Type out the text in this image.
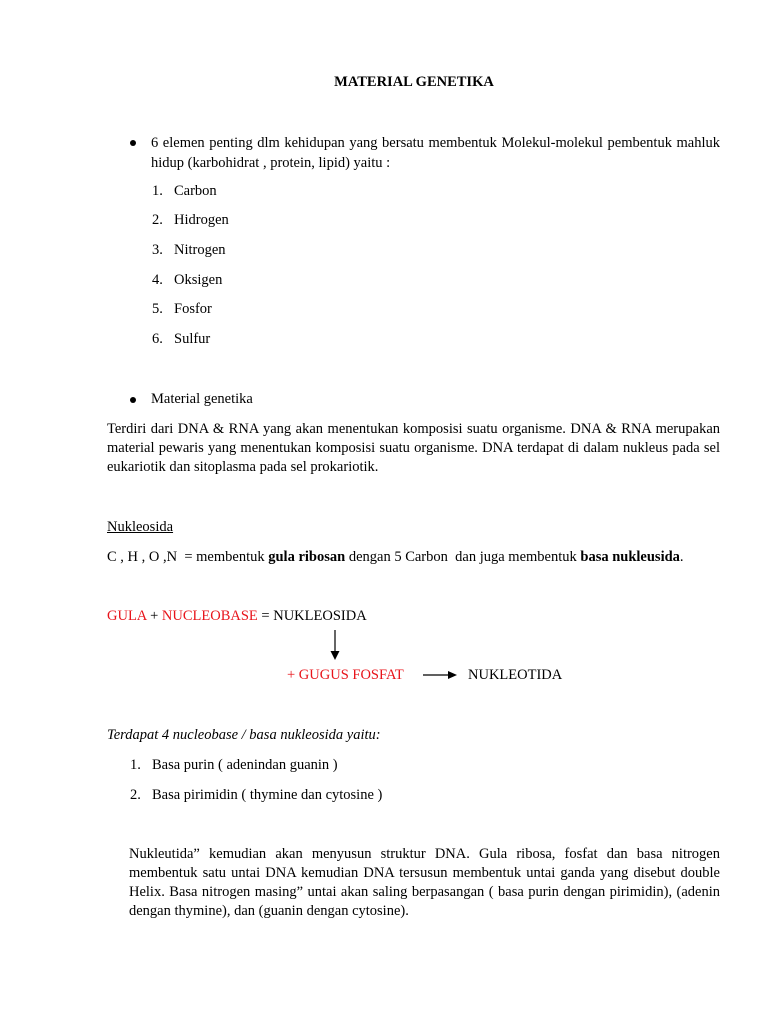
MATERIAL GENETIKA
6 elemen penting dlm kehidupan yang bersatu membentuk Molekul-molekul pembentuk mahluk hidup (karbohidrat , protein, lipid) yaitu :
1. Carbon
2. Hidrogen
3. Nitrogen
4. Oksigen
5. Fosfor
6. Sulfur
Material genetika
Terdiri dari DNA & RNA yang akan menentukan komposisi suatu organisme. DNA & RNA merupakan material pewaris yang menentukan komposisi suatu organisme. DNA terdapat di dalam nukleus pada sel eukariotik dan sitoplasma pada sel prokariotik.
Nukleosida
C , H , O ,N  = membentuk gula ribosan dengan 5 Carbon  dan juga membentuk basa nukleusida.
GULA + NUCLEOBASE = NUKLEOSIDA
+ GUGUS FOSFAT	NUKLEOTIDA
Terdapat 4 nucleobase / basa nukleosida yaitu:
1. Basa purin ( adenindan guanin )
2. Basa pirimidin ( thymine dan cytosine )
Nukleutida” kemudian akan menyusun struktur DNA. Gula ribosa, fosfat dan basa nitrogen membentuk satu untai DNA kemudian DNA tersusun membentuk untai ganda yang disebut double Helix. Basa nitrogen masing” untai akan saling berpasangan ( basa purin dengan pirimidin), (adenin dengan thymine), dan (guanin dengan cytosine).
